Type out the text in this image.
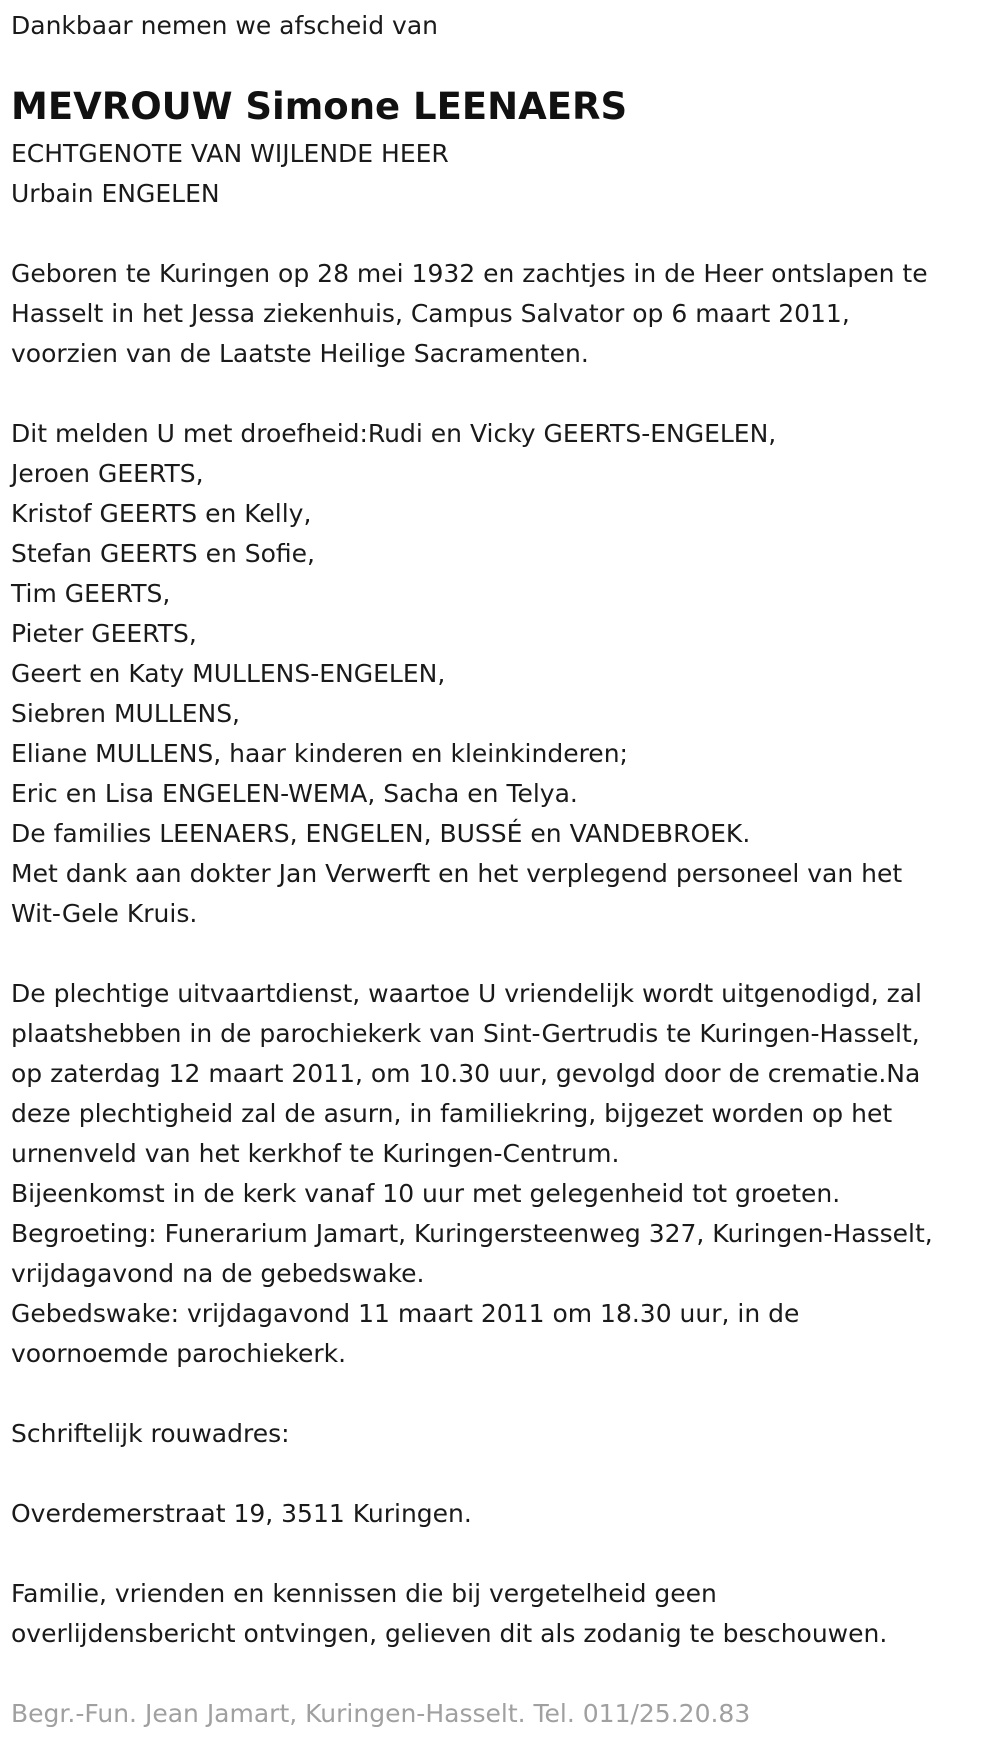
Dankbaar nemen we afscheid van
MEVROUW Simone LEENAERS
ECHTGENOTE VAN WIJLENDE HEER
Urbain ENGELEN
Geboren te Kuringen op 28 mei 1932 en zachtjes in de Heer ontslapen te
Hasselt in het Jessa ziekenhuis, Campus Salvator op 6 maart 2011,
voorzien van de Laatste Heilige Sacramenten.
Dit melden U met droefheid:Rudi en Vicky GEERTS-ENGELEN,
Jeroen GEERTS,
Kristof GEERTS en Kelly,
Stefan GEERTS en Sofie,
Tim GEERTS,
Pieter GEERTS,
Geert en Katy MULLENS-ENGELEN,
Siebren MULLENS,
Eliane MULLENS, haar kinderen en kleinkinderen;
Eric en Lisa ENGELEN-WEMA, Sacha en Telya.
De families LEENAERS, ENGELEN, BUSSÉ en VANDEBROEK.
Met dank aan dokter Jan Verwerft en het verplegend personeel van het
Wit-Gele Kruis.
De plechtige uitvaartdienst, waartoe U vriendelijk wordt uitgenodigd, zal
plaatshebben in de parochiekerk van Sint-Gertrudis te Kuringen-Hasselt,
op zaterdag 12 maart 2011, om 10.30 uur, gevolgd door de crematie.Na
deze plechtigheid zal de asurn, in familiekring, bijgezet worden op het
urnenveld van het kerkhof te Kuringen-Centrum.
Bijeenkomst in de kerk vanaf 10 uur met gelegenheid tot groeten.
Begroeting: Funerarium Jamart, Kuringersteenweg 327, Kuringen-Hasselt,
vrijdagavond na de gebedswake.
Gebedswake: vrijdagavond 11 maart 2011 om 18.30 uur, in de
voornoemde parochiekerk.
Schriftelijk rouwadres:
Overdemerstraat 19, 3511 Kuringen.
Familie, vrienden en kennissen die bij vergetelheid geen
overlijdensbericht ontvingen, gelieven dit als zodanig te beschouwen.
Begr.-Fun. Jean Jamart, Kuringen-Hasselt. Tel. 011/25.20.83
